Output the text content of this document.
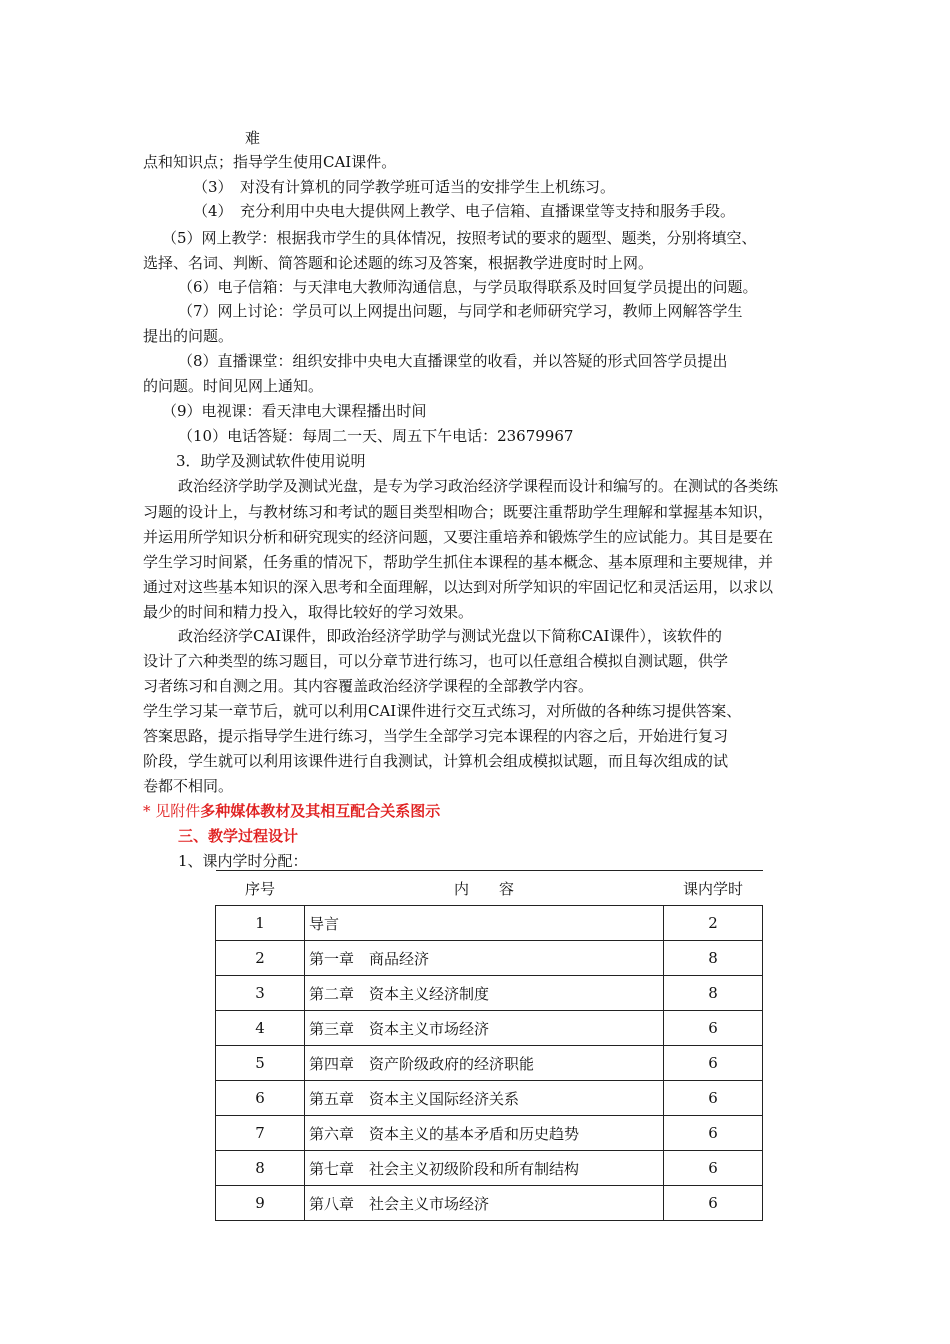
难
点和知识点；指导学生使用CAI课件。
（3）　对没有计算机的同学教学班可适当的安排学生上机练习。
（4）　充分利用中央电大提供网上教学、电子信箱、直播课堂等支持和服务手段。
（5）网上教学：根据我市学生的具体情况，按照考试的要求的题型、题类，分别将填空、
选择、名词、判断、简答题和论述题的练习及答案，根据教学进度时时上网。
（6）电子信箱：与天津电大教师沟通信息，与学员取得联系及时回复学员提出的问题。
（7）网上讨论：学员可以上网提出问题，与同学和老师研究学习，教师上网解答学生
提出的问题。
（8）直播课堂：组织安排中央电大直播课堂的收看，并以答疑的形式回答学员提出
的问题。时间见网上通知。
（9）电视课：看天津电大课程播出时间
（10）电话答疑：每周二一天、周五下午电话：23679967
3．助学及测试软件使用说明
政治经济学助学及测试光盘，是专为学习政治经济学课程而设计和编写的。在测试的各类练
习题的设计上，与教材练习和考试的题目类型相吻合；既要注重帮助学生理解和掌握基本知识，
并运用所学知识分析和研究现实的经济问题，又要注重培养和锻炼学生的应试能力。其目是要在
学生学习时间紧，任务重的情况下，帮助学生抓住本课程的基本概念、基本原理和主要规律，并
通过对这些基本知识的深入思考和全面理解，以达到对所学知识的牢固记忆和灵活运用，以求以
最少的时间和精力投入，取得比较好的学习效果。
政治经济学CAI课件，即政治经济学助学与测试光盘以下简称CAI课件），该软件的
设计了六种类型的练习题目，可以分章节进行练习，也可以任意组合模拟自测试题，供学
习者练习和自测之用。其内容覆盖政治经济学课程的全部教学内容。
学生学习某一章节后，就可以利用CAI课件进行交互式练习，对所做的各种练习提供答案、
答案思路，提示指导学生进行练习，当学生全部学习完本课程的内容之后，开始进行复习
阶段，学生就可以利用该课件进行自我测试，计算机会组成模拟试题，而且每次组成的试
卷都不相同。
* 见附件多种媒体教材及其相互配合关系图示
三、教学过程设计
1、课内学时分配：
序号	内　　容	课内学时
1	导言	2
2	第一章　商品经济	8
3	第二章　资本主义经济制度	8
4	第三章　资本主义市场经济	6
5	第四章　资产阶级政府的经济职能	6
6	第五章　资本主义国际经济关系	6
7	第六章　资本主义的基本矛盾和历史趋势	6
8	第七章　社会主义初级阶段和所有制结构	6
9	第八章　社会主义市场经济	6
